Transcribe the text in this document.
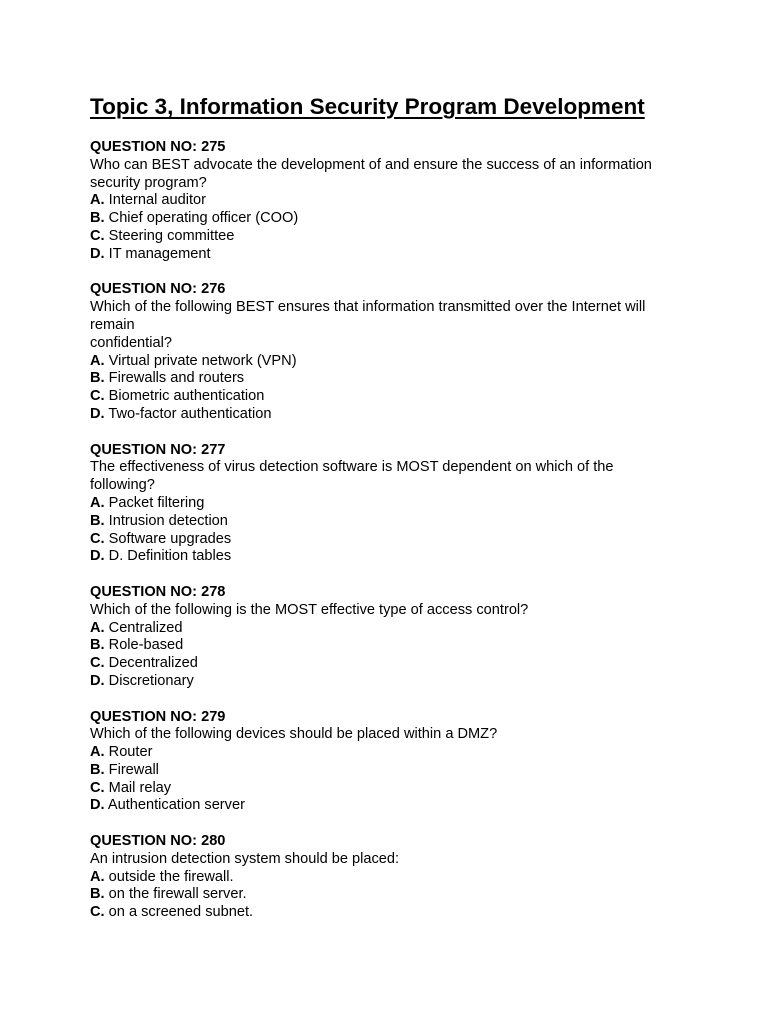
Topic 3, Information Security Program Development
QUESTION NO: 275
Who can BEST advocate the development of and ensure the success of an information
security program?
A. Internal auditor
B. Chief operating officer (COO)
C. Steering committee
D. IT management
QUESTION NO: 276
Which of the following BEST ensures that information transmitted over the Internet will
remain
confidential?
A. Virtual private network (VPN)
B. Firewalls and routers
C. Biometric authentication
D. Two-factor authentication
QUESTION NO: 277
The effectiveness of virus detection software is MOST dependent on which of the
following?
A. Packet filtering
B. Intrusion detection
C. Software upgrades
D. D. Definition tables
QUESTION NO: 278
Which of the following is the MOST effective type of access control?
A. Centralized
B. Role-based
C. Decentralized
D. Discretionary
QUESTION NO: 279
Which of the following devices should be placed within a DMZ?
A. Router
B. Firewall
C. Mail relay
D. Authentication server
QUESTION NO: 280
An intrusion detection system should be placed:
A. outside the firewall.
B. on the firewall server.
C. on a screened subnet.
